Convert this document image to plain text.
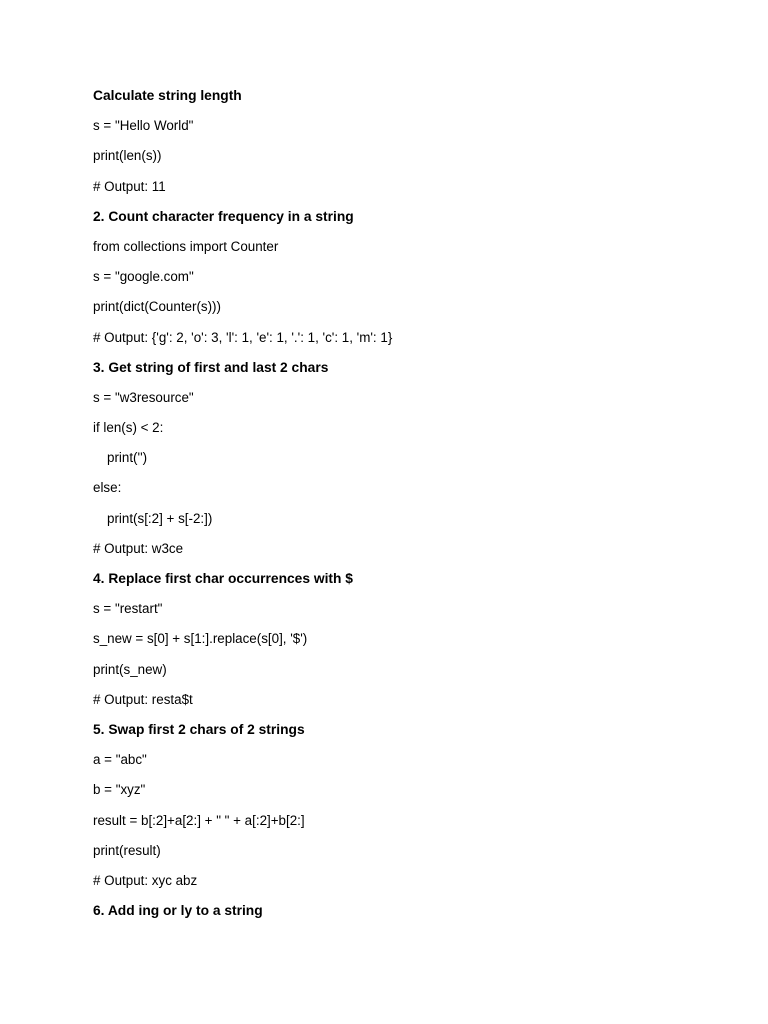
Calculate string length
s = "Hello World"
print(len(s))
# Output: 11
2. Count character frequency in a string
from collections import Counter
s = "google.com"
print(dict(Counter(s)))
# Output: {'g': 2, 'o': 3, 'l': 1, 'e': 1, '.': 1, 'c': 1, 'm': 1}
3. Get string of first and last 2 chars
s = "w3resource"
if len(s) < 2:
print('')
else:
print(s[:2] + s[-2:])
# Output: w3ce
4. Replace first char occurrences with $
s = "restart"
s_new = s[0] + s[1:].replace(s[0], '$')
print(s_new)
# Output: resta$t
5. Swap first 2 chars of 2 strings
a = "abc"
b = "xyz"
result = b[:2]+a[2:] + " " + a[:2]+b[2:]
print(result)
# Output: xyc abz
6. Add ing or ly to a string
